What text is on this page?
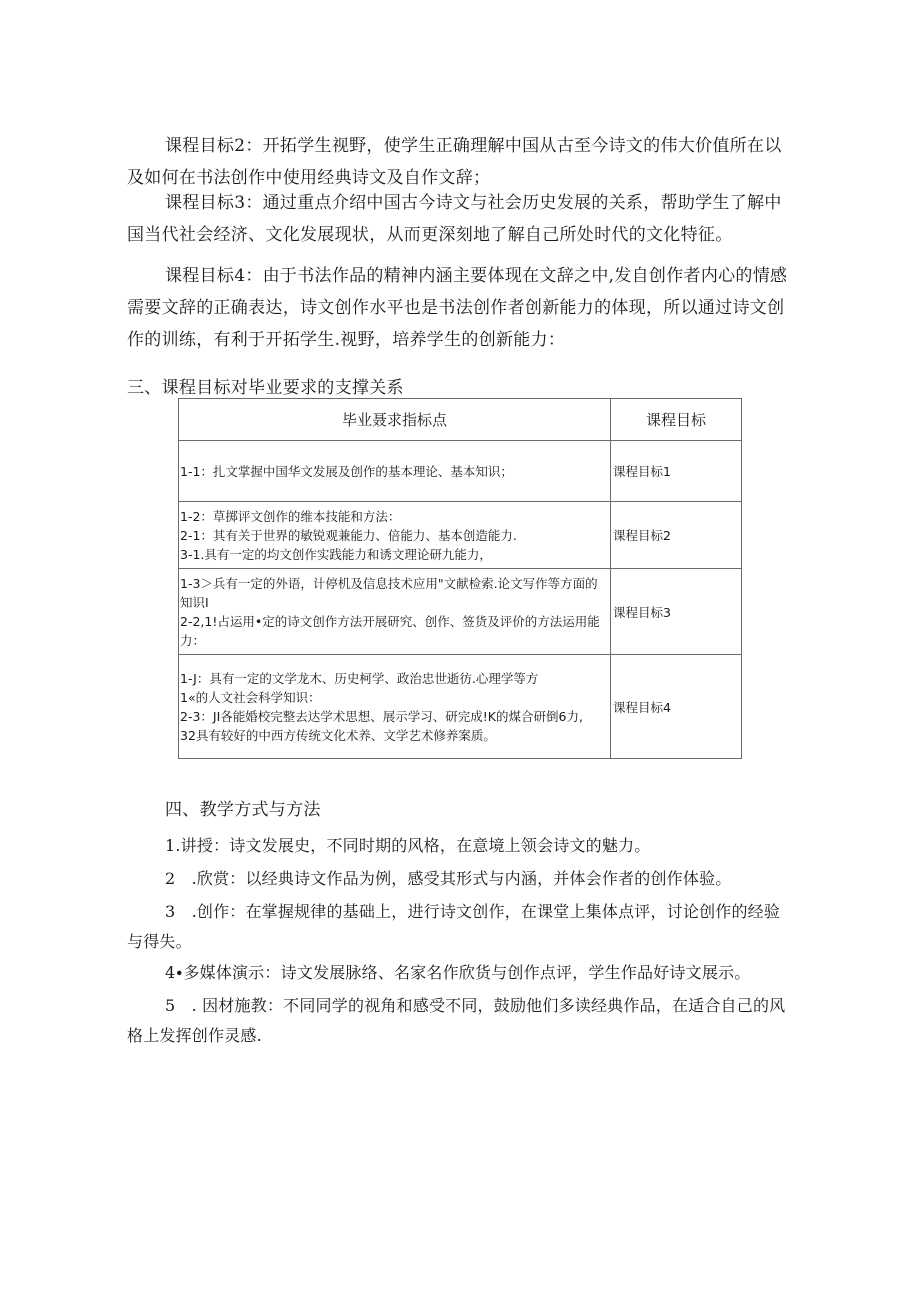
课程目标2：开拓学生视野，使学生正确理解中国从古至今诗文的伟大价值所在以及如何在书法创作中使用经典诗文及自作文辞；

课程目标3：通过重点介绍中国古今诗文与社会历史发展的关系，帮助学生了解中国当代社会经济、文化发展现状，从而更深刻地了解自己所处时代的文化特征。

课程目标4：由于书法作品的精神内涵主要体现在文辞之中,发自创作者内心的情感需要文辞的正确表达，诗文创作水平也是书法创作者创新能力的体现，所以通过诗文创作的训练，有利于开拓学生.视野，培养学生的创新能力：

三、课程目标对毕业要求的支撑关系

毕业聂求指标点	课程目标

1-1：扎文掌握中国华文发展及创作的基本理论、基本知识；	课程目标1

1-2：草掷评文创作的维本技能和方法：
2-1：其有关于世界的敏锐观兼能力、倍能力、基本创造能力.
3-1.具有一定的均文创作实践能力和诱文理论研九能力，	课程目标2

1-3＞兵有一定的外语，计停机及信息技术应用"文献检索.论文写作等方面的知识I
2-2,1!占运用•定的诗文创作方法开展研究、创作、签货及评价的方法运用能力：	课程目标3

1-J：具有一定的文学龙木、历史柯学、政治忠世逝彷.心理学等方
1«的人文社会科学知识：
2-3：JI各能婚校完整去达学术思想、展示学习、研完成!K的煤合研倒6力,
32具有较好的中西方传统文化术养、文学艺术修养案质。	课程目标4

四、教学方式与方法

1.讲授：诗文发展史，不同时期的风格，在意境上领会诗文的魅力。

2　.欣赏：以经典诗文作品为例，感受其形式与内涵，并体会作者的创作体验。

3　.创作：在掌握规律的基础上，进行诗文创作，在课堂上集体点评，讨论创作的经验与得失。

4∙多媒体演示：诗文发展脉络、名家名作欣货与创作点评，学生作品好诗文展示。

5　. 因材施教：不同同学的视角和感受不同，鼓励他们多读经典作品，在适合自己的风格上发挥创作灵感.
